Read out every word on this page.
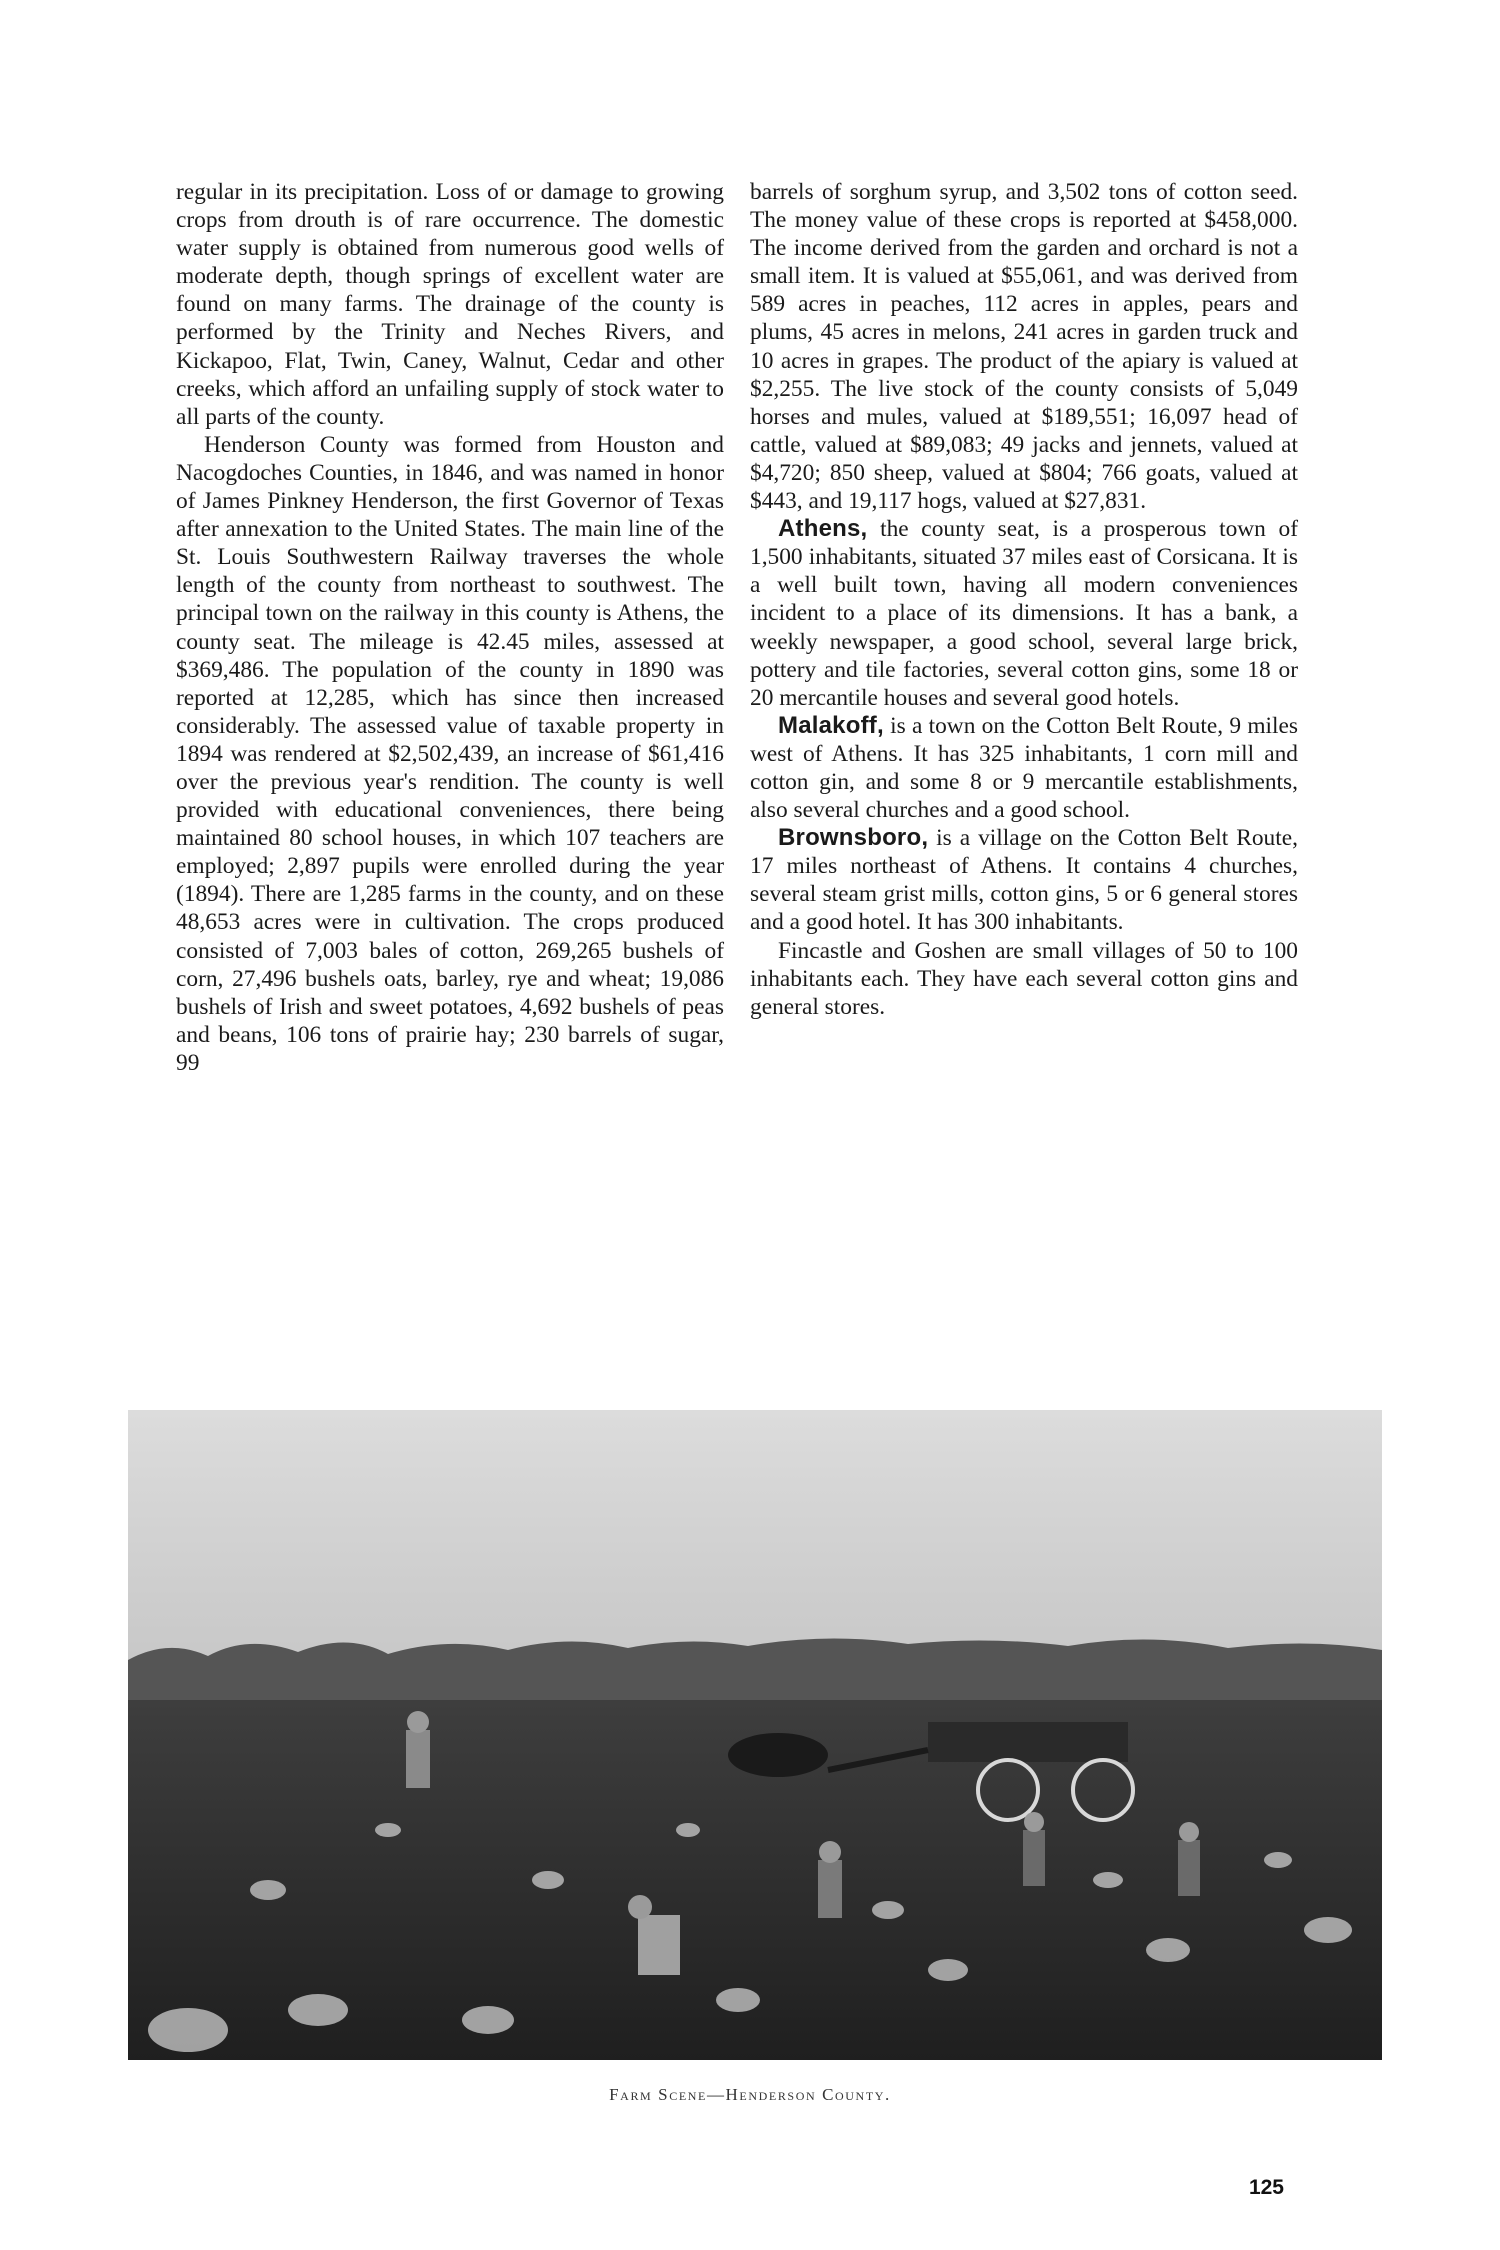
regular in its precipitation. Loss of or damage to growing crops from drouth is of rare occurrence. The domestic water supply is obtained from numerous good wells of moderate depth, though springs of excellent water are found on many farms. The drainage of the county is performed by the Trinity and Neches Rivers, and Kickapoo, Flat, Twin, Caney, Walnut, Cedar and other creeks, which afford an unfailing supply of stock water to all parts of the county.

Henderson County was formed from Houston and Nacogdoches Counties, in 1846, and was named in honor of James Pinkney Henderson, the first Governor of Texas after annexation to the United States. The main line of the St. Louis Southwestern Railway traverses the whole length of the county from northeast to southwest. The principal town on the railway in this county is Athens, the county seat. The mileage is 42.45 miles, assessed at $369,486. The population of the county in 1890 was reported at 12,285, which has since then increased considerably. The assessed value of taxable property in 1894 was rendered at $2,502,439, an increase of $61,416 over the previous year's rendition. The county is well provided with educational conveniences, there being maintained 80 school houses, in which 107 teachers are employed; 2,897 pupils were enrolled during the year (1894). There are 1,285 farms in the county, and on these 48,653 acres were in cultivation. The crops produced consisted of 7,003 bales of cotton, 269,265 bushels of corn, 27,496 bushels oats, barley, rye and wheat; 19,086 bushels of Irish and sweet potatoes, 4,692 bushels of peas and beans, 106 tons of prairie hay; 230 barrels of sugar, 99

barrels of sorghum syrup, and 3,502 tons of cotton seed. The money value of these crops is reported at $458,000. The income derived from the garden and orchard is not a small item. It is valued at $55,061, and was derived from 589 acres in peaches, 112 acres in apples, pears and plums, 45 acres in melons, 241 acres in garden truck and 10 acres in grapes. The product of the apiary is valued at $2,255. The live stock of the county consists of 5,049 horses and mules, valued at $189,551; 16,097 head of cattle, valued at $89,083; 49 jacks and jennets, valued at $4,720; 850 sheep, valued at $804; 766 goats, valued at $443, and 19,117 hogs, valued at $27,831.

Athens, the county seat, is a prosperous town of 1,500 inhabitants, situated 37 miles east of Corsicana. It is a well built town, having all modern conveniences incident to a place of its dimensions. It has a bank, a weekly newspaper, a good school, several large brick, pottery and tile factories, several cotton gins, some 18 or 20 mercantile houses and several good hotels.

Malakoff, is a town on the Cotton Belt Route, 9 miles west of Athens. It has 325 inhabitants, 1 corn mill and cotton gin, and some 8 or 9 mercantile establishments, also several churches and a good school.

Brownsboro, is a village on the Cotton Belt Route, 17 miles northeast of Athens. It contains 4 churches, several steam grist mills, cotton gins, 5 or 6 general stores and a good hotel. It has 300 inhabitants.

Fincastle and Goshen are small villages of 50 to 100 inhabitants each. They have each several cotton gins and general stores.

Farm Scene—Henderson County.
125
